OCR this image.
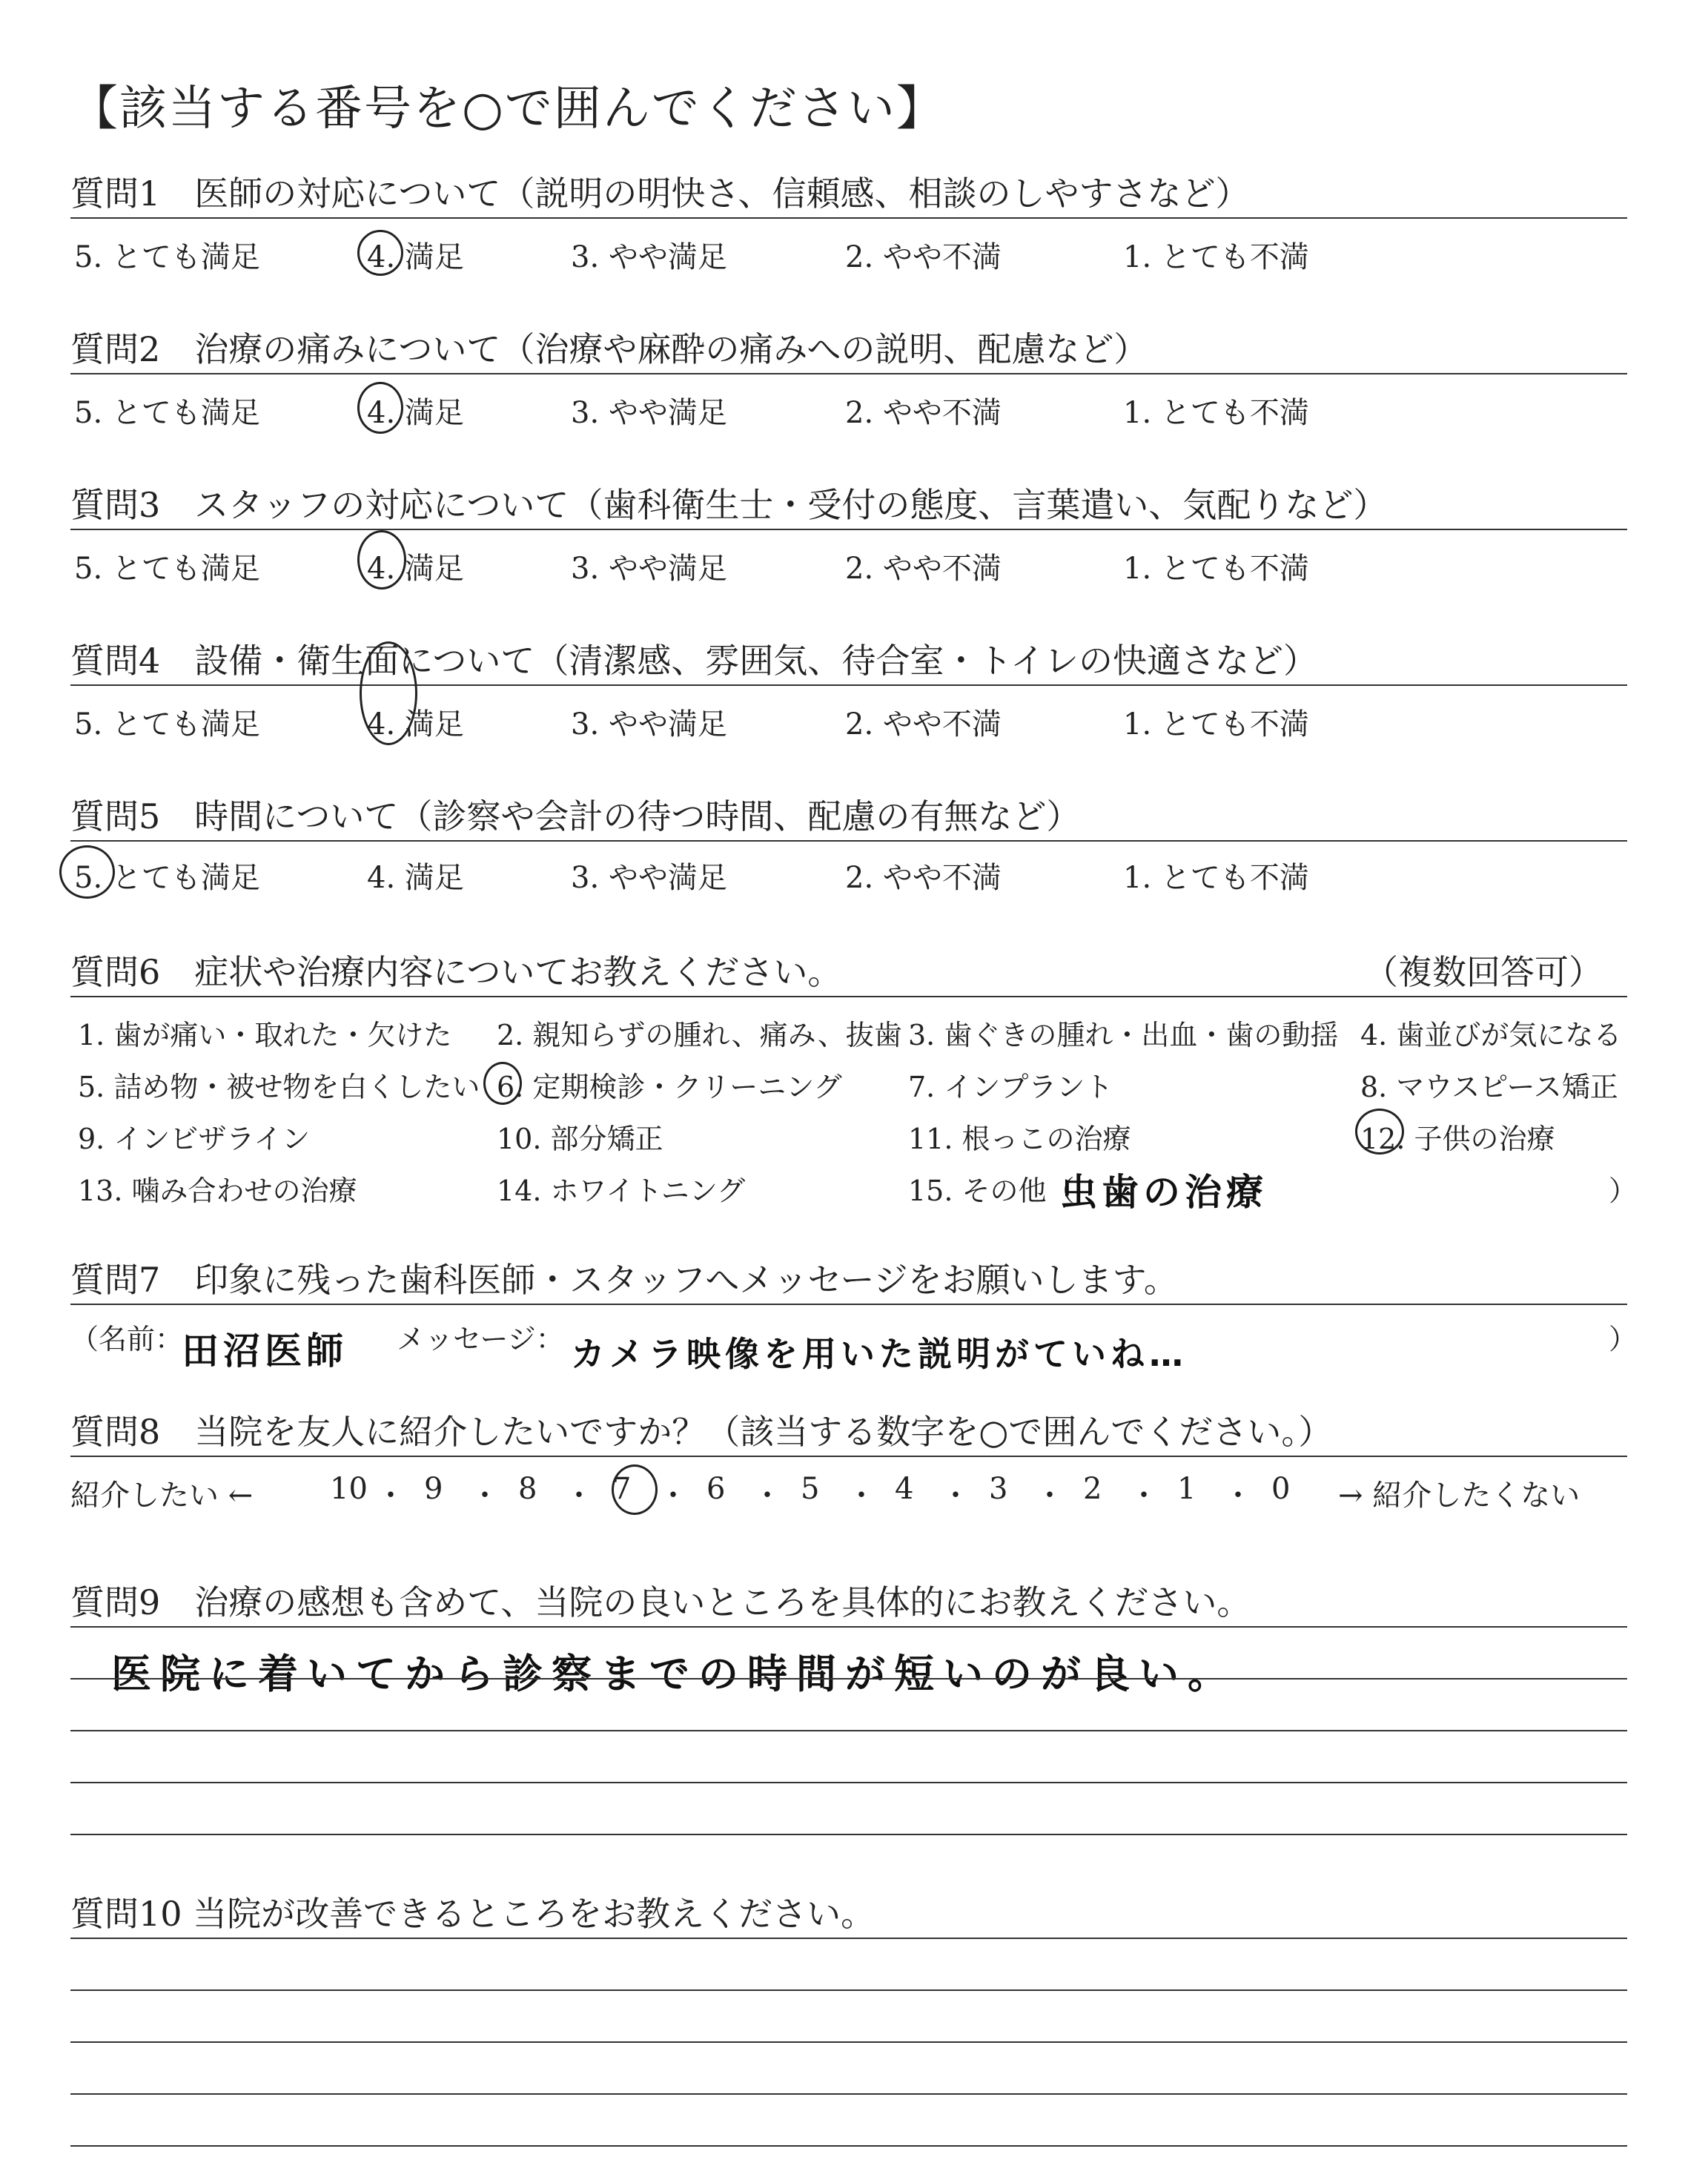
【該当する番号を○で囲んでください】
質問1　医師の対応について（説明の明快さ、信頼感、相談のしやすさなど）
5. とても満足	4. 満足	3. やや満足	2. やや不満	1. とても不満
質問2　治療の痛みについて（治療や麻酔の痛みへの説明、配慮など）
5. とても満足	4. 満足	3. やや満足	2. やや不満	1. とても不満
質問3　スタッフの対応について（歯科衛生士・受付の態度、言葉遣い、気配りなど）
5. とても満足	4. 満足	3. やや満足	2. やや不満	1. とても不満
質問4　設備・衛生面について（清潔感、雰囲気、待合室・トイレの快適さなど）
5. とても満足	4. 満足	3. やや満足	2. やや不満	1. とても不満
質問5　時間について（診察や会計の待つ時間、配慮の有無など）
5. とても満足	4. 満足	3. やや満足	2. やや不満	1. とても不満
質問6　症状や治療内容についてお教えください。	（複数回答可）
1. 歯が痛い・取れた・欠けた 2. 親知らずの腫れ、痛み、抜歯 3. 歯ぐきの腫れ・出血・歯の動揺 4. 歯並びが気になる
5. 詰め物・被せ物を白くしたい 6. 定期検診・クリーニング 7. インプラント	8. マウスピース矯正
9. インビザライン	10. 部分矯正	11. 根っこの治療	12. 子供の治療
13. 噛み合わせの治療	14. ホワイトニング	15. その他（
虫歯の治療	）
質問7　印象に残った歯科医師・スタッフへメッセージをお願いします。
（名前：
田沼医師 メッセージ： カメラ映像を用いた説明がていね…	）
質問8　当院を友人に紹介したいですか？（該当する数字を○で囲んでください。）
紹介したい ←	10 ・ 9 ・ 8 ・ 7 ・ 6 ・ 5 ・ 4 ・ 3 ・ 2 ・ 1 ・ 0 → 紹介したくない
質問9　治療の感想も含めて、当院の良いところを具体的にお教えください。
医院に着いてから診察までの時間が短いのが良い。
質問10 当院が改善できるところをお教えください。
